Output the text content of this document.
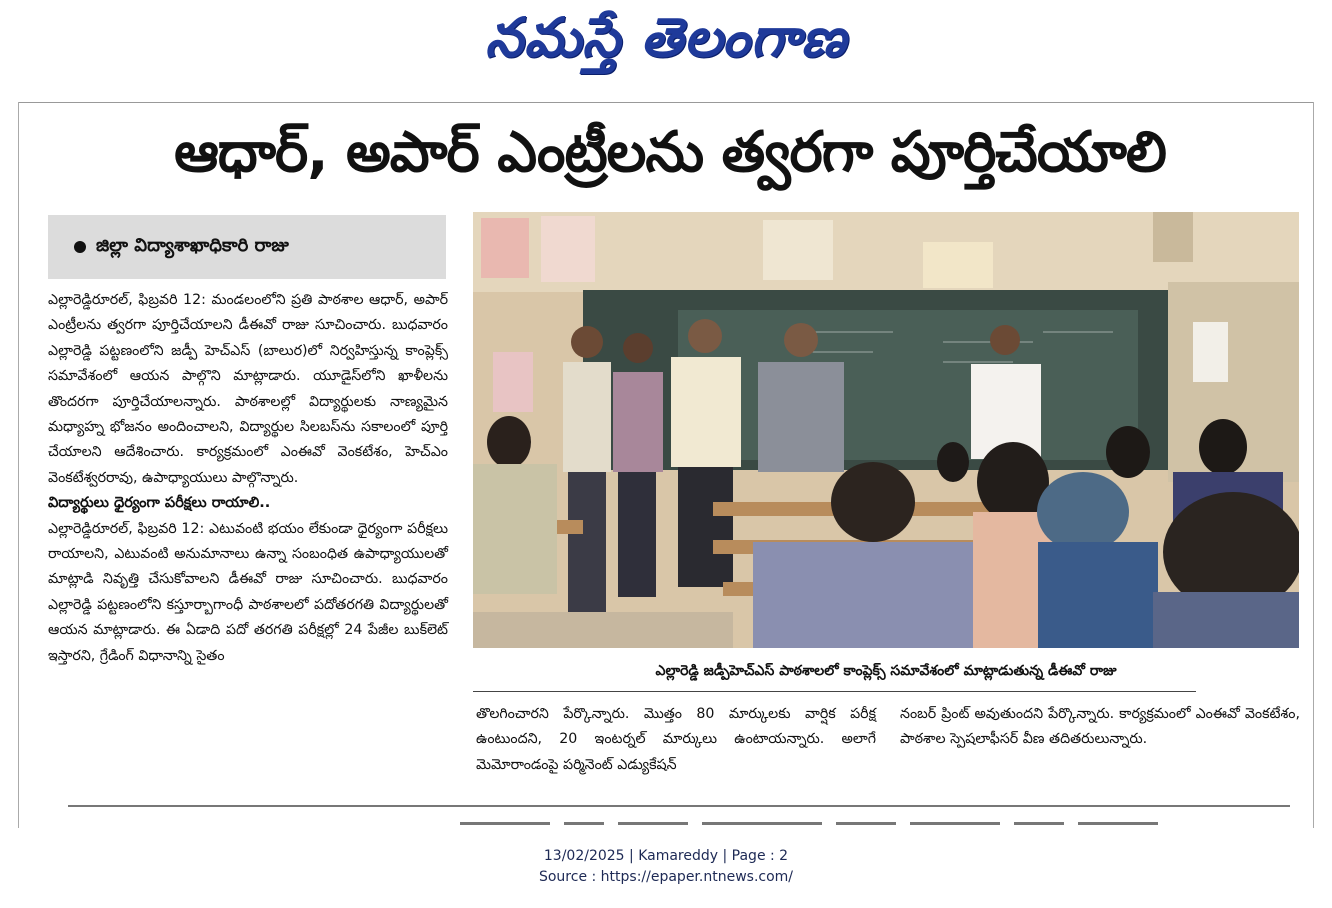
నమస్తే తెలంగాణ
ఆధార్, అపార్ ఎంట్రీలను త్వరగా పూర్తిచేయాలి
జిల్లా విద్యాశాఖాధికారి రాజు

ఎల్లారెడ్డిరూరల్, ఫిబ్రవరి 12: మండలంలోని ప్రతి పాఠశాల ఆధార్, అపార్ ఎంట్రీలను త్వరగా పూర్తిచేయాలని డీఈవో రాజు సూచించారు. బుధవారం ఎల్లారెడ్డి పట్టణంలోని జడ్పీ హెచ్ఎస్ (బాలుర)లో నిర్వహిస్తున్న కాంప్లెక్స్ సమావేశంలో ఆయన పాల్గొని మాట్లాడారు. యూడైస్‌లోని ఖాళీలను తొందరగా పూర్తిచేయాలన్నారు. పాఠశాలల్లో విద్యార్థులకు నాణ్యమైన మధ్యాహ్న భోజనం అందించాలని, విద్యార్థుల సిలబస్‌ను సకాలంలో పూర్తి చేయాలని ఆదేశించారు. కార్యక్రమంలో ఎంఈవో వెంకటేశం, హెచ్ఎం వెంకటేశ్వరరావు, ఉపాధ్యాయులు పాల్గొన్నారు.

విద్యార్థులు ధైర్యంగా పరీక్షలు రాయాలి..

ఎల్లారెడ్డిరూరల్, ఫిబ్రవరి 12: ఎటువంటి భయం లేకుండా ధైర్యంగా పరీక్షలు రాయాలని, ఎటువంటి అనుమానాలు ఉన్నా సంబంధిత ఉపాధ్యాయులతో మాట్లాడి నివృత్తి చేసుకోవాలని డీఈవో రాజు సూచించారు. బుధవారం ఎల్లారెడ్డి పట్టణంలోని కస్తూర్బాగాంధీ పాఠశాలలో పదోతరగతి విద్యార్థులతో ఆయన మాట్లాడారు. ఈ ఏడాది పదో తరగతి పరీక్షల్లో 24 పేజీల బుక్‌లెట్ ఇస్తారని, గ్రేడింగ్ విధానాన్ని సైతం

ఎల్లారెడ్డి జడ్పీహెచ్ఎస్ పాఠశాలలో కాంప్లెక్స్ సమావేశంలో మాట్లాడుతున్న డీఈవో రాజు

తొలగించారని పేర్కొన్నారు. మొత్తం 80 మార్కులకు వార్షిక పరీక్ష ఉంటుందని, 20 ఇంటర్నల్ మార్కులు ఉంటాయన్నారు. అలాగే మెమోరాండంపై పర్మినెంట్ ఎడ్యుకేషన్

నంబర్ ప్రింట్ అవుతుందని పేర్కొన్నారు. కార్యక్రమంలో ఎంఈవో వెంకటేశం, పాఠశాల స్పెషలాఫీసర్ వీణ తదితరులున్నారు.

13/02/2025 | Kamareddy | Page : 2
Source : https://epaper.ntnews.com/
